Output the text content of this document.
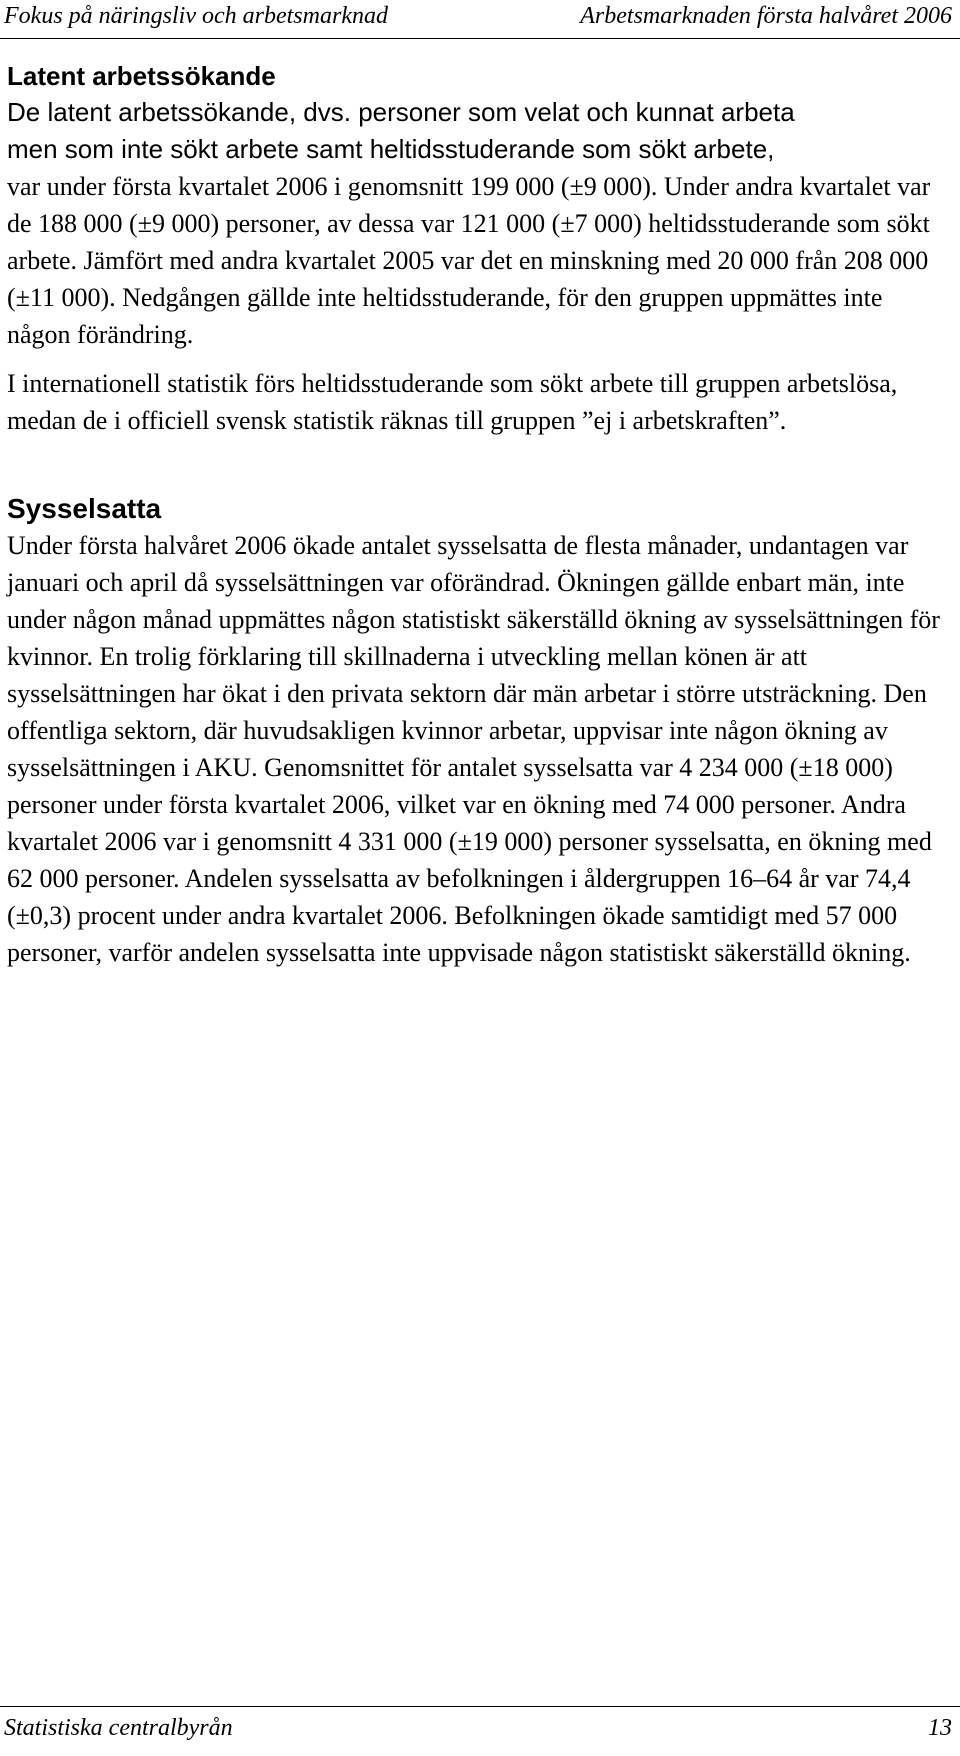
Fokus på näringsliv och arbetsmarknad	Arbetsmarknaden första halvåret 2006
Latent arbetssökande

De latent arbetssökande, dvs. personer som velat och kunnat arbeta

men som inte sökt arbete samt heltidsstuderande som sökt arbete,

var under första kvartalet 2006 i genomsnitt 199 000 (±9 000). Under andra kvartalet var de 188 000 (±9 000) personer, av dessa var 121 000 (±7 000) heltidsstuderande som sökt arbete. Jämfört med andra kvartalet 2005 var det en minskning med 20 000 från 208 000 (±11 000). Nedgången gällde inte heltidsstuderande, för den gruppen uppmättes inte någon förändring.

I internationell statistik förs heltidsstuderande som sökt arbete till gruppen arbetslösa, medan de i officiell svensk statistik räknas till gruppen ”ej i arbetskraften”.

Sysselsatta

Under första halvåret 2006 ökade antalet sysselsatta de flesta månader, undantagen var januari och april då sysselsättningen var oförändrad. Ökningen gällde enbart män, inte under någon månad uppmättes någon statistiskt säkerställd ökning av sysselsättningen för kvinnor. En trolig förklaring till skillnaderna i utveckling mellan könen är att sysselsättningen har ökat i den privata sektorn där män arbetar i större utsträckning. Den offentliga sektorn, där huvudsakligen kvinnor arbetar, uppvisar inte någon ökning av sysselsättningen i AKU. Genomsnittet för antalet sysselsatta var 4 234 000 (±18 000) personer under första kvartalet 2006, vilket var en ökning med 74 000 personer. Andra kvartalet 2006 var i genomsnitt 4 331 000 (±19 000) personer sysselsatta, en ökning med 62 000 personer. Andelen sysselsatta av befolkningen i åldergruppen 16–64 år var 74,4 (±0,3) procent under andra kvartalet 2006. Befolkningen ökade samtidigt med 57 000 personer, varför andelen sysselsatta inte uppvisade någon statistiskt säkerställd ökning.

Statistiska centralbyrån	13
